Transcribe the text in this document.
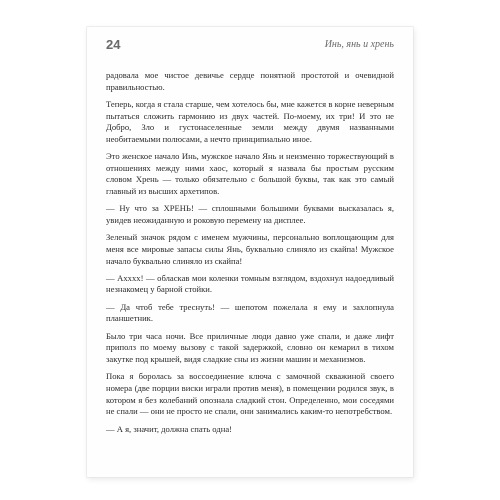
24	Инь, янь и хрень

радовала мое чистое девичье сердце понятной простотой и очевидной правильностью.

Теперь, когда я стала старше, чем хотелось бы, мне кажется в корне неверным пытаться сложить гармонию из двух частей. По-моему, их три! И это не Добро, Зло и густонаселенные земли между двумя названными необитаемыми полюсами, а нечто принципиально иное.

Это женское начало Инь, мужское начало Янь и неизменно торжествующий в отношениях между ними хаос, который я назвала бы простым русским словом Хрень — только обязательно с большой буквы, так как это самый главный из высших архетипов.

— Ну что за ХРЕНЬ! — сплошными большими буквами высказалась я, увидев неожиданную и роковую перемену на дисплее.

Зеленый значок рядом с именем мужчины, персонально воплощающим для меня все мировые запасы силы Янь, буквально слиняло из скайпа! Мужское начало буквально слиняло из скайпа!

— Ахххх! — обласкав мои коленки томным взглядом, вздохнул надоедливый незнакомец у барной стойки.

— Да чтоб тебе треснуть! — шепотом пожелала я ему и захлопнула планшетник.

Было три часа ночи. Все приличные люди давно уже спали, и даже лифт приполз по моему вызову с такой задержкой, словно он кемарил в тихом закутке под крышей, видя сладкие сны из жизни машин и механизмов.

Пока я боролась за воссоединение ключа с замочной скважиной своего номера (две порции виски играли против меня), в помещении родился звук, в котором я без колебаний опознала сладкий стон. Определенно, мои соседями не спали — они не просто не спали, они занимались каким-то непотребством.

— А я, значит, должна спать одна!
